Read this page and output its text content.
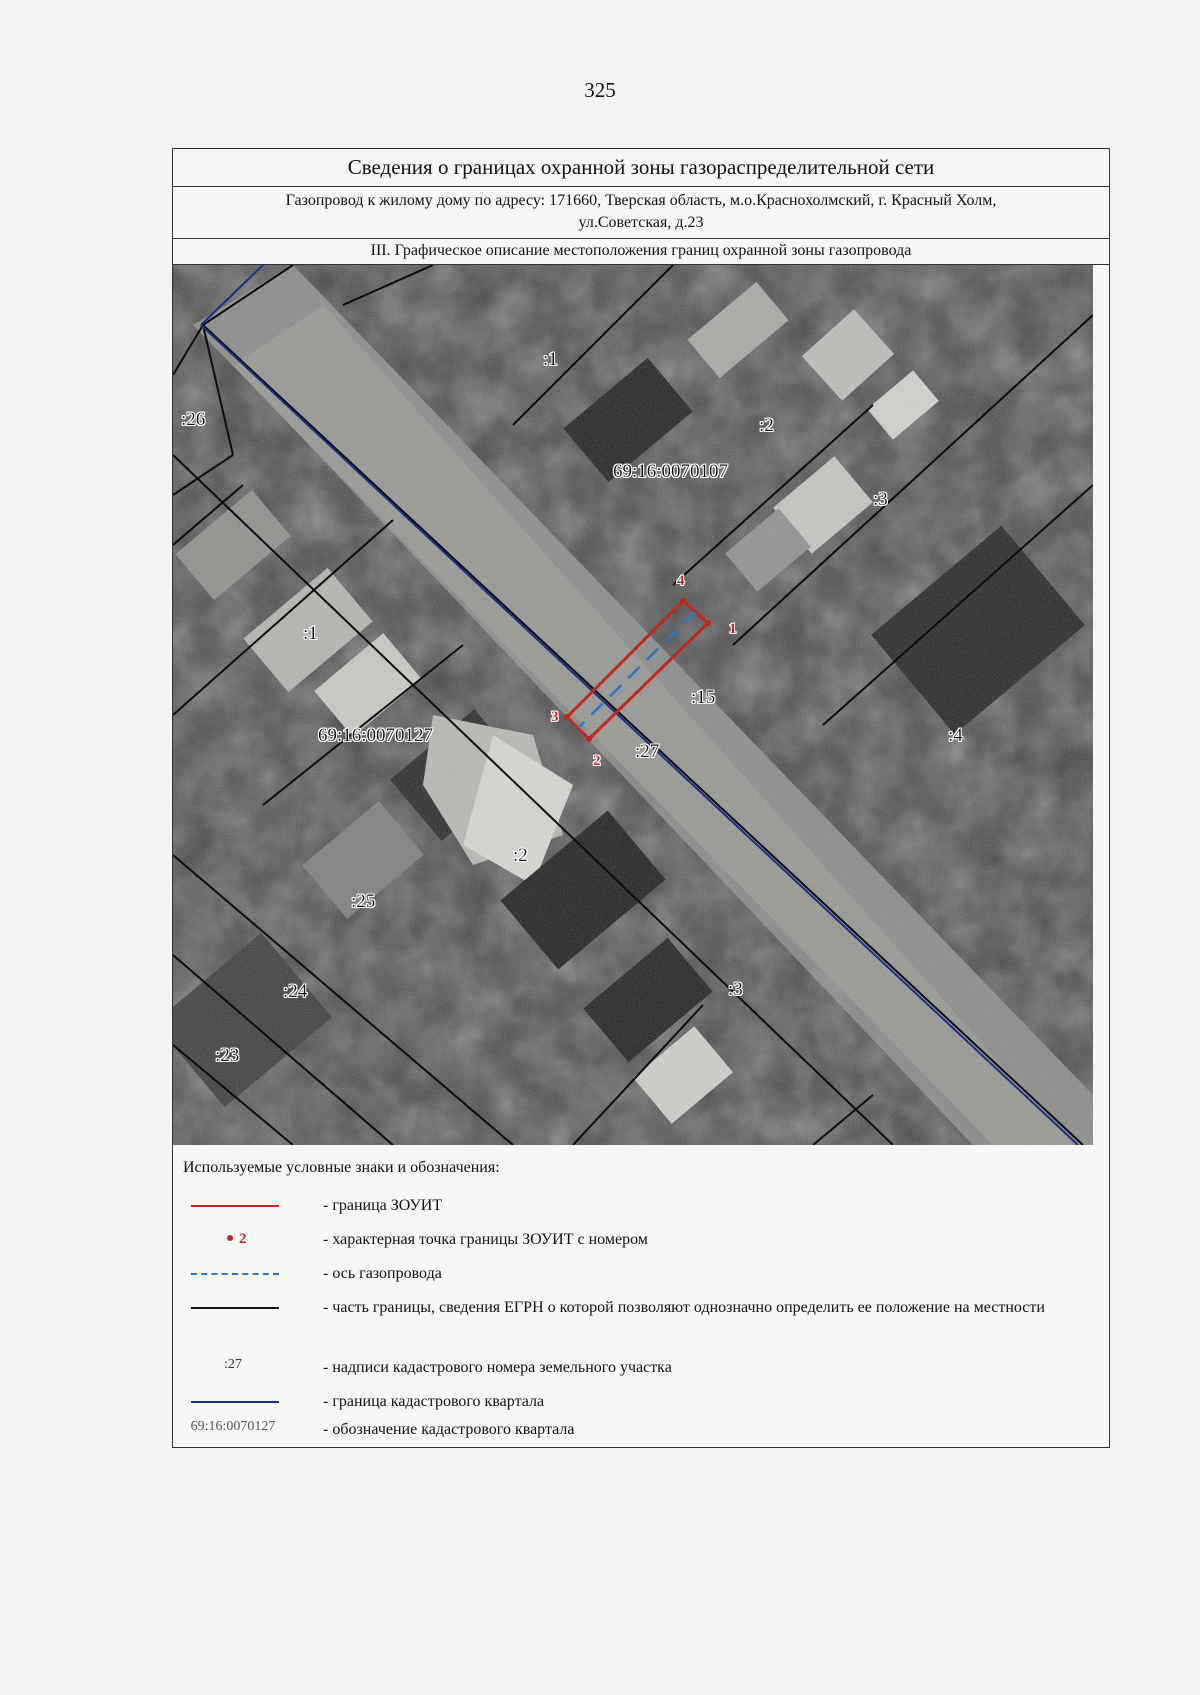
325
Сведения о границах охранной зоны газораспределительной сети
Газопровод к жилому дому по адресу: 171660, Тверская область, м.о.Краснохолмский, г. Красный Холм,
ул.Советская, д.23
III. Графическое описание местоположения границ охранной зоны газопровода
4
1
3
2
:1
:2
:3
:4
:26
:1
:15
:27
:2
:25
:24
:23
:3
69:16:0070107
69:16:0070127
Используемые условные знаки и обозначения:
- граница ЗОУИТ
2	- характерная точка границы ЗОУИТ с номером
- ось газопровода
- часть границы, сведения ЕГРН о которой позволяют однозначно определить ее положение на местности
:27	- надписи кадастрового номера земельного участка
- граница кадастрового квартала
69:16:0070127	- обозначение кадастрового квартала
